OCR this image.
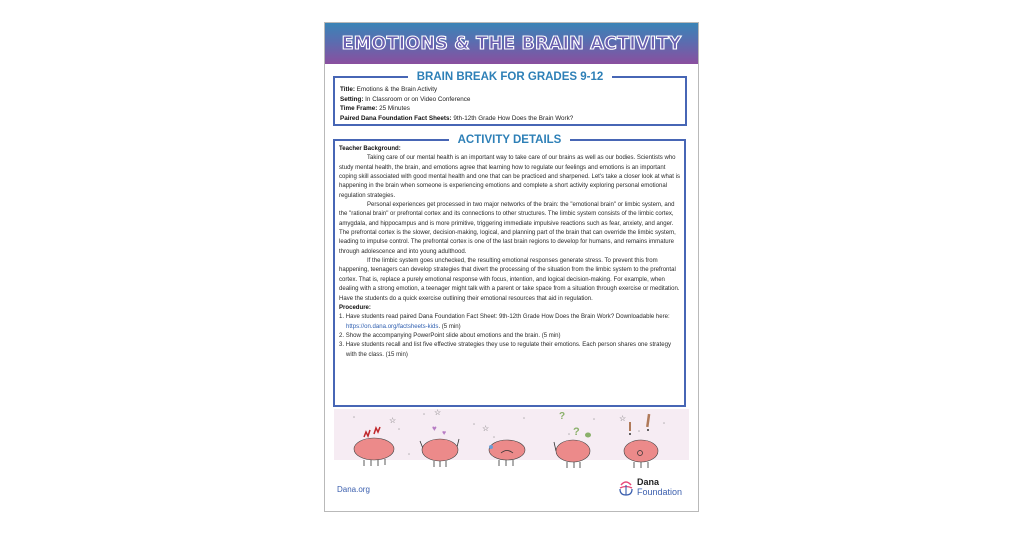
EMOTIONS & THE BRAIN ACTIVITY
BRAIN BREAK FOR GRADES 9-12
Title: Emotions & the Brain Activity
Setting: In Classroom or on Video Conference
Time Frame: 25 Minutes
Paired Dana Foundation Fact Sheets: 9th-12th Grade How Does the Brain Work?
ACTIVITY DETAILS

Teacher Background:

Taking care of our mental health is an important way to take care of our brains as well as our bodies. Scientists who study mental health, the brain, and emotions agree that learning how to regulate our feelings and emotions is an important coping skill associated with good mental health and one that can be practiced and sharpened. Let's take a closer look at what is happening in the brain when someone is experiencing emotions and complete a short activity exploring personal emotional regulation strategies.

Personal experiences get processed in two major networks of the brain: the "emotional brain" or limbic system, and the "rational brain" or prefrontal cortex and its connections to other structures. The limbic system consists of the limbic cortex, amygdala, and hippocampus and is more primitive, triggering immediate impulsive reactions such as fear, anxiety, and anger. The prefrontal cortex is the slower, decision-making, logical, and planning part of the brain that can override the limbic system, leading to impulse control. The prefrontal cortex is one of the last brain regions to develop for humans, and remains immature through adolescence and into young adulthood.

If the limbic system goes unchecked, the resulting emotional responses generate stress. To prevent this from happening, teenagers can develop strategies that divert the processing of the situation from the limbic system to the prefrontal cortex. That is, replace a purely emotional response with focus, intention, and logical decision-making. For example, when dealing with a strong emotion, a teenager might talk with a parent or take space from a situation through exercise or meditation. Have the students do a quick exercise outlining their emotional resources that aid in regulation.

Procedure:

1. Have students read paired Dana Foundation Fact Sheet: 9th-12th Grade How Does the Brain Work? Downloadable here: https://on.dana.org/factsheets-kids. (5 min)

2. Show the accompanying PowerPoint slide about emotions and the brain. (5 min)

3. Have students recall and list five effective strategies they use to regulate their emotions. Each person shares one strategy with the class. (15 min)

☆
☆
♥
♥
☆
?
?
☆
Dana.org
Dana
Foundation
